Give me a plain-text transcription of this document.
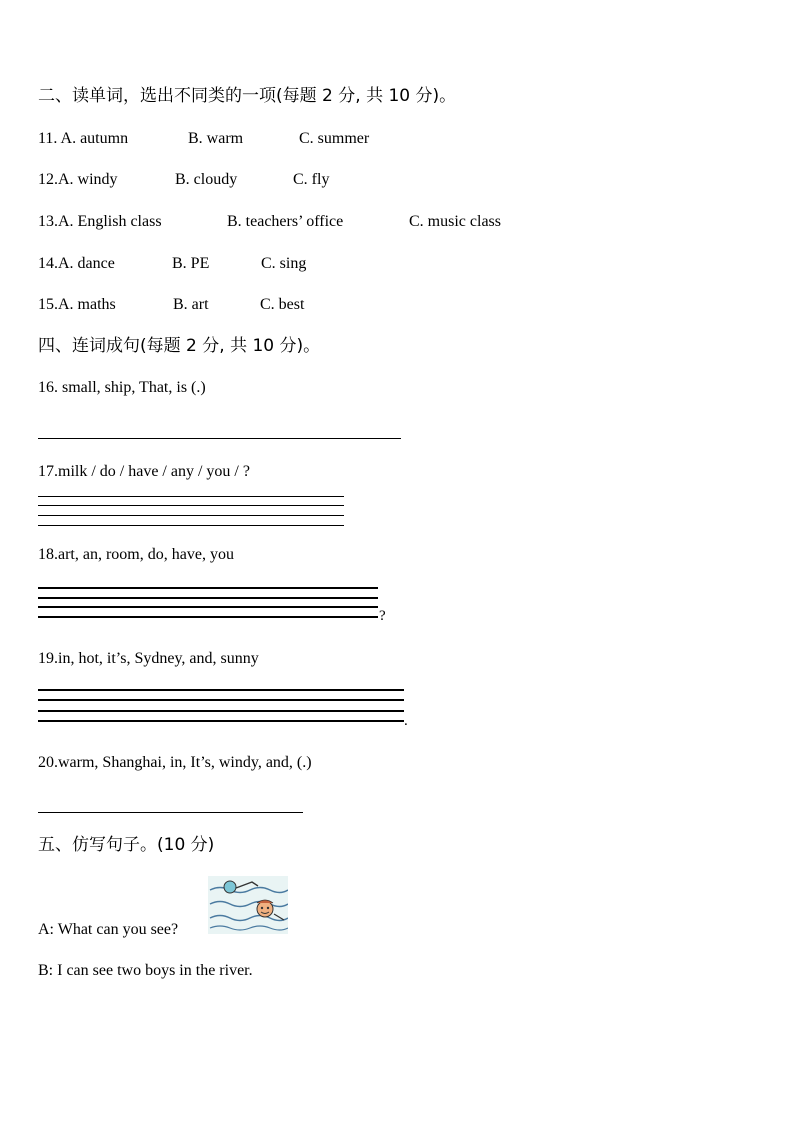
二、读单词，选出不同类的一项(每题 2 分, 共 10 分)。
11. A. autumn	B. warm	C. summer
12.A. windy	B. cloudy	C. fly
13.A. English class	B. teachers’ office	C. music class
14.A. dance	B. PE	C. sing
15.A. maths	B. art	C. best
四、连词成句(每题 2 分, 共 10 分)。
16. small, ship, That, is (.)
17.milk / do / have / any / you / ?
18.art, an, room, do, have, you
?
19.in, hot, it’s, Sydney, and, sunny
.
20.warm, Shanghai, in, It’s, windy, and, (.)
五、仿写句子。(10 分)
A: What can you see?
B: I can see two boys in the river.
